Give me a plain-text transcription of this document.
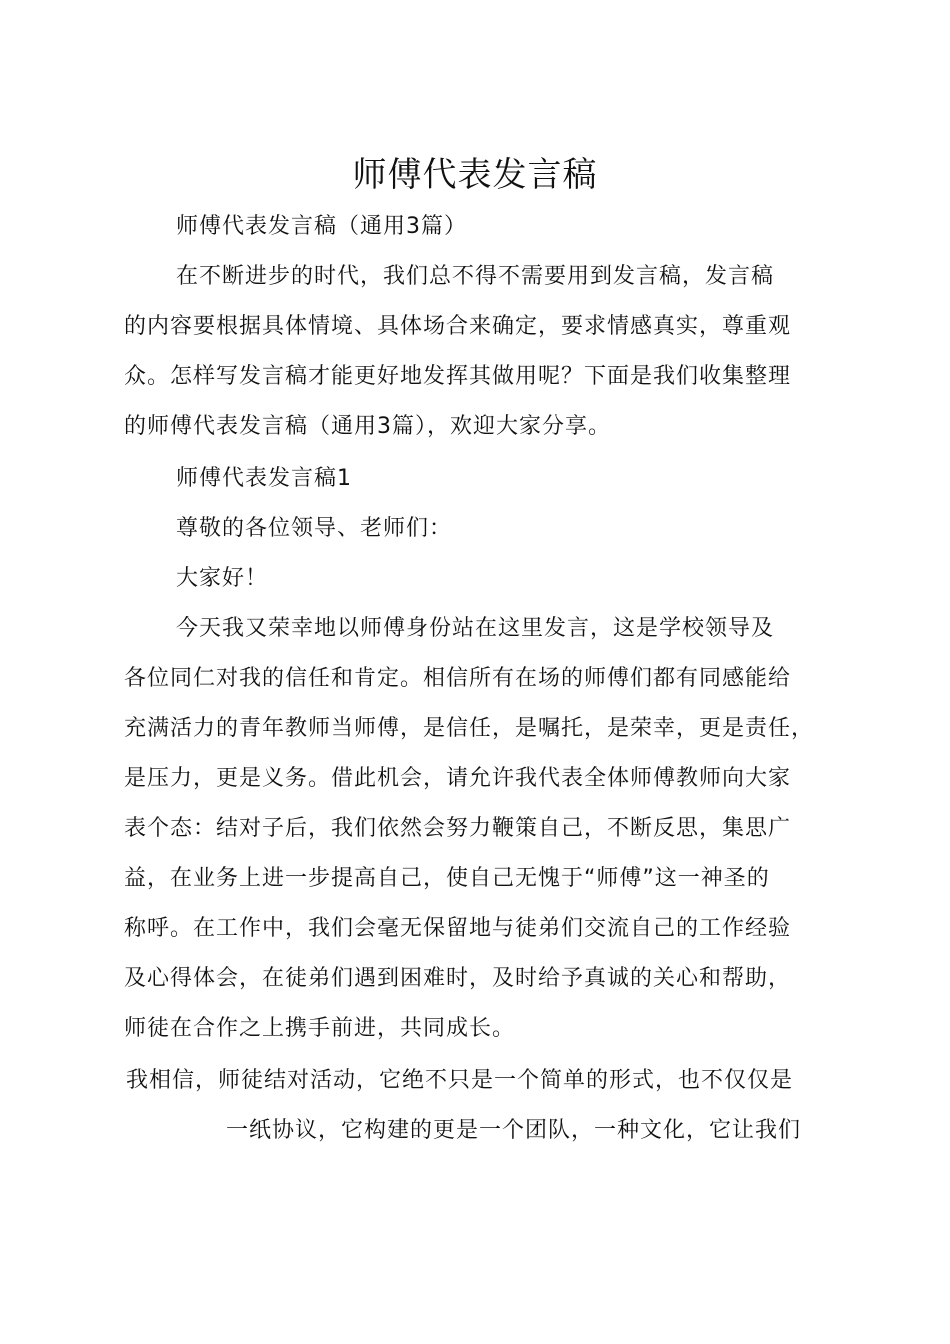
师傅代表发言稿
师傅代表发言稿（通用3篇）
在不断进步的时代，我们总不得不需要用到发言稿，发言稿
的内容要根据具体情境、具体场合来确定，要求情感真实，尊重观
众。怎样写发言稿才能更好地发挥其做用呢？下面是我们收集整理
的师傅代表发言稿（通用3篇），欢迎大家分享。
师傅代表发言稿1
尊敬的各位领导、老师们：
大家好！
今天我又荣幸地以师傅身份站在这里发言，这是学校领导及
各位同仁对我的信任和肯定。相信所有在场的师傅们都有同感能给
充满活力的青年教师当师傅，是信任，是嘱托，是荣幸，更是责任，
是压力，更是义务。借此机会，请允许我代表全体师傅教师向大家
表个态：结对子后，我们依然会努力鞭策自己，不断反思，集思广
益，在业务上进一步提高自己，使自己无愧于“师傅”这一神圣的
称呼。在工作中，我们会毫无保留地与徒弟们交流自己的工作经验
及心得体会，在徒弟们遇到困难时，及时给予真诚的关心和帮助，
师徒在合作之上携手前进，共同成长。
我相信，师徒结对活动，它绝不只是一个简单的形式，也不仅仅是
一纸协议，它构建的更是一个团队，一种文化，它让我们
